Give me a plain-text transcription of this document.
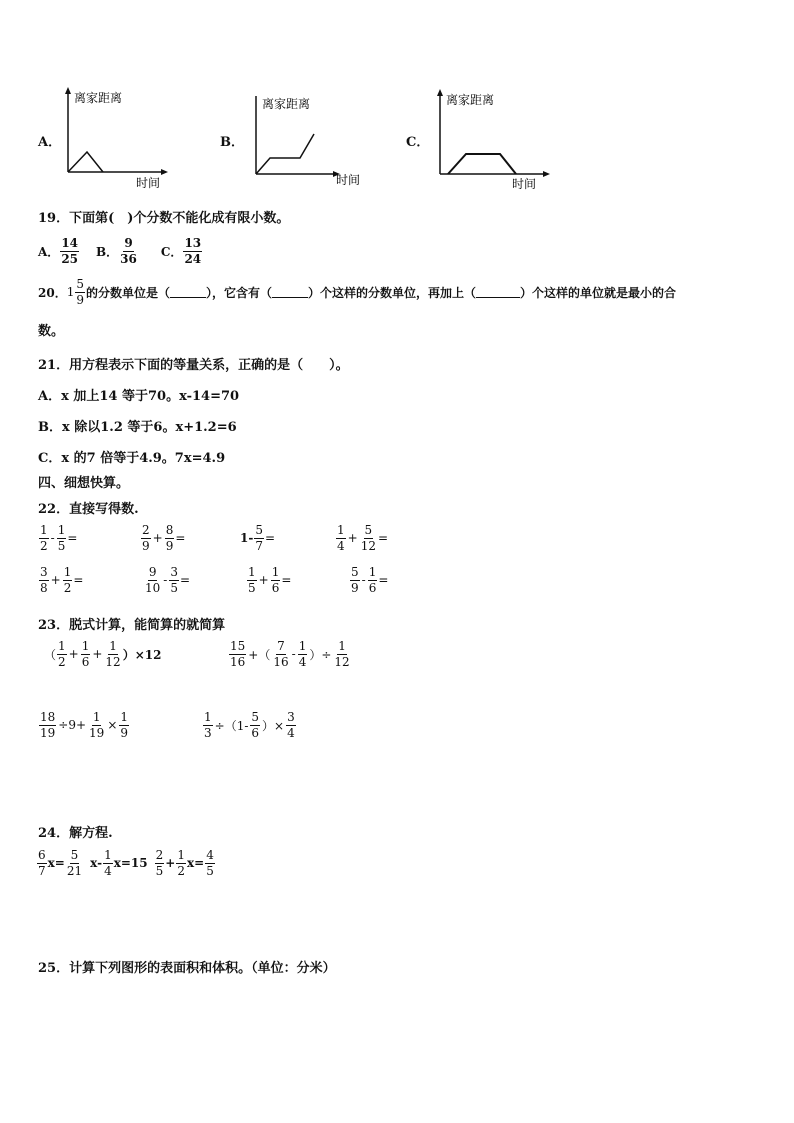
A．
离家距离
时间
B．
离家距离
时间
C．
离家距离
时间
19．下面第(　)个分数不能化成有限小数。
A． $\frac{14}{25}$ B． $\frac{9}{36}$ C． $\frac{13}{24}$
20． $1 \frac{5}{9}$ 的分数单位是（	），它含有（	）个这样的分数单位，再加上（	）个这样的单位就是最小的合
数。
21．用方程表示下面的等量关系，正确的是（　　）。
A．x 加上14 等于70。x-14=70
B．x 除以1.2 等于6。x+1.2=6
C．x 的7 倍等于4.9。7x=4.9
四、细想快算。
22．直接写得数.
$\frac{1}{2} - \frac{1}{5}$ =	$\frac{2}{9} + \frac{8}{9}$ =	$1- \frac{5}{7}$ =	$\frac{1}{4} + \frac{5}{12}$ =
$\frac{3}{8} + \frac{1}{2}$ =	$\frac{9}{10} - \frac{3}{5}$ =	$\frac{1}{5} + \frac{1}{6}$ =	$\frac{5}{9} - \frac{1}{6}$ =
23．脱式计算，能简算的就简算
（ $\frac{1}{2} + \frac{1}{6} + \frac{1}{12} )\times 12$	$\frac{15}{16}$ +（ $\frac{7}{16} - \frac{1}{4}$ ）÷ $\frac{1}{12}$
$\frac{18}{19} \div 9+ \frac{1}{19} \times \frac{1}{9}$	$\frac{1}{3} \div(1- \frac{5}{6}$ ）× $\frac{3}{4}$
24．解方程.
$\frac{6}{7} x= \frac{5}{21} x- \frac{1}{4} x=15 \frac{2}{5} + \frac{1}{2} x= \frac{4}{5}$
25．计算下列图形的表面积和体积。（单位：分米）
